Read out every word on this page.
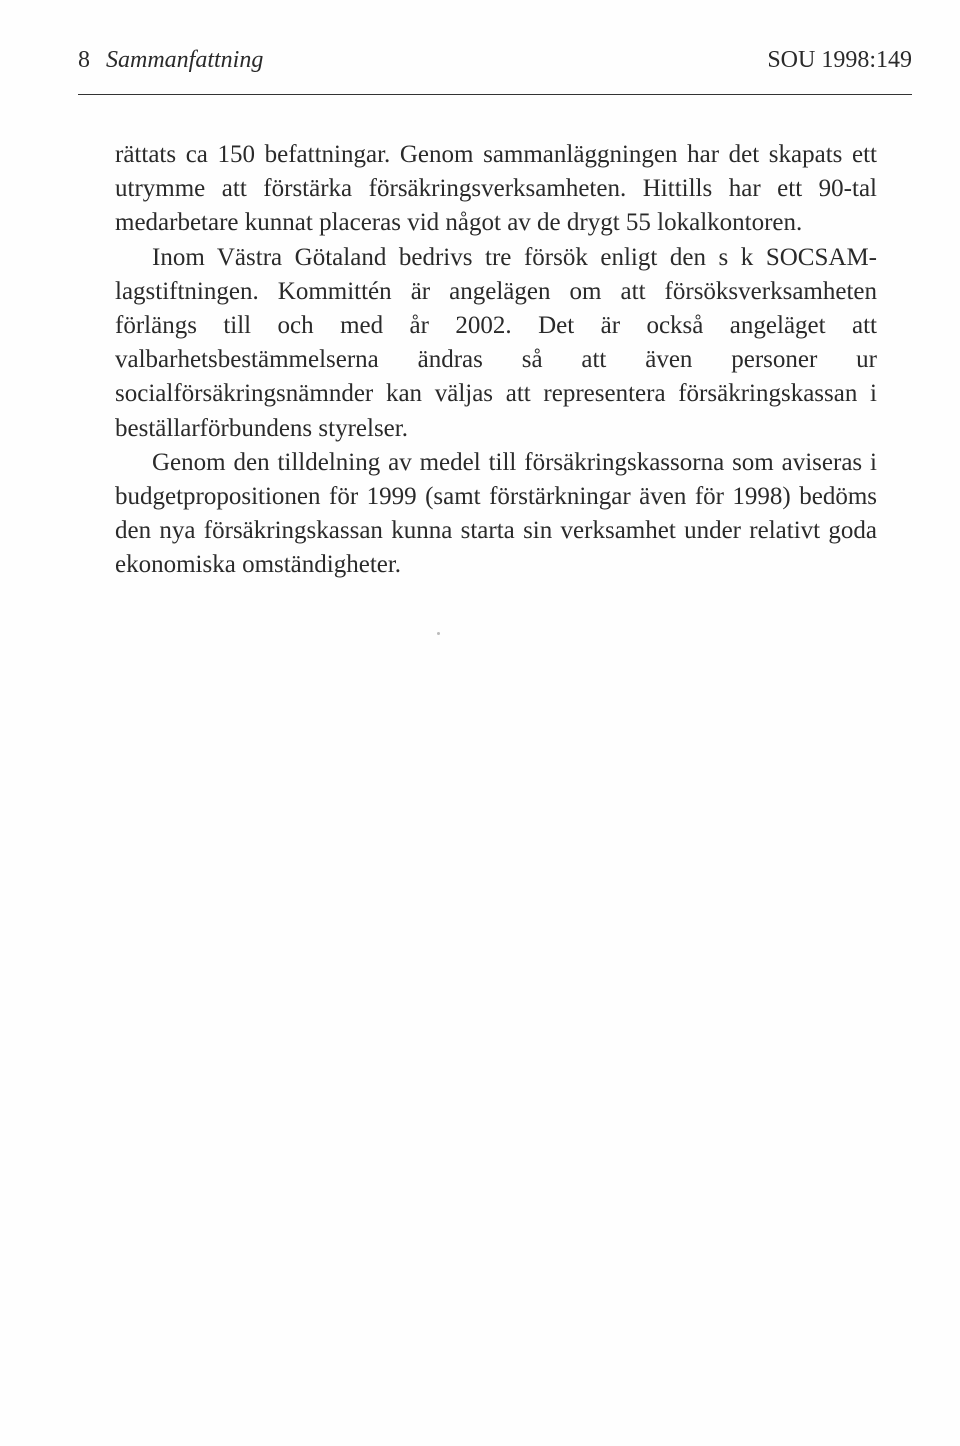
8 Sammanfattning	SOU 1998:149

rättats ca 150 befattningar. Genom sammanläggningen har det skapats ett utrymme att förstärka försäkringsverksamheten. Hittills har ett 90-tal medarbetare kunnat placeras vid något av de drygt 55 lokalkontoren.

Inom Västra Götaland bedrivs tre försök enligt den s k SOCSAM-lagstiftningen. Kommittén är angelägen om att försöksverksamheten förlängs till och med år 2002. Det är också angeläget att valbarhetsbestämmelserna ändras så att även personer ur socialförsäkringsnämnder kan väljas att representera försäkringskassan i beställarförbundens styrelser.

Genom den tilldelning av medel till försäkringskassorna som aviseras i budgetpropositionen för 1999 (samt förstärkningar även för 1998) bedöms den nya försäkringskassan kunna starta sin verksamhet under relativt goda ekonomiska omständigheter.
